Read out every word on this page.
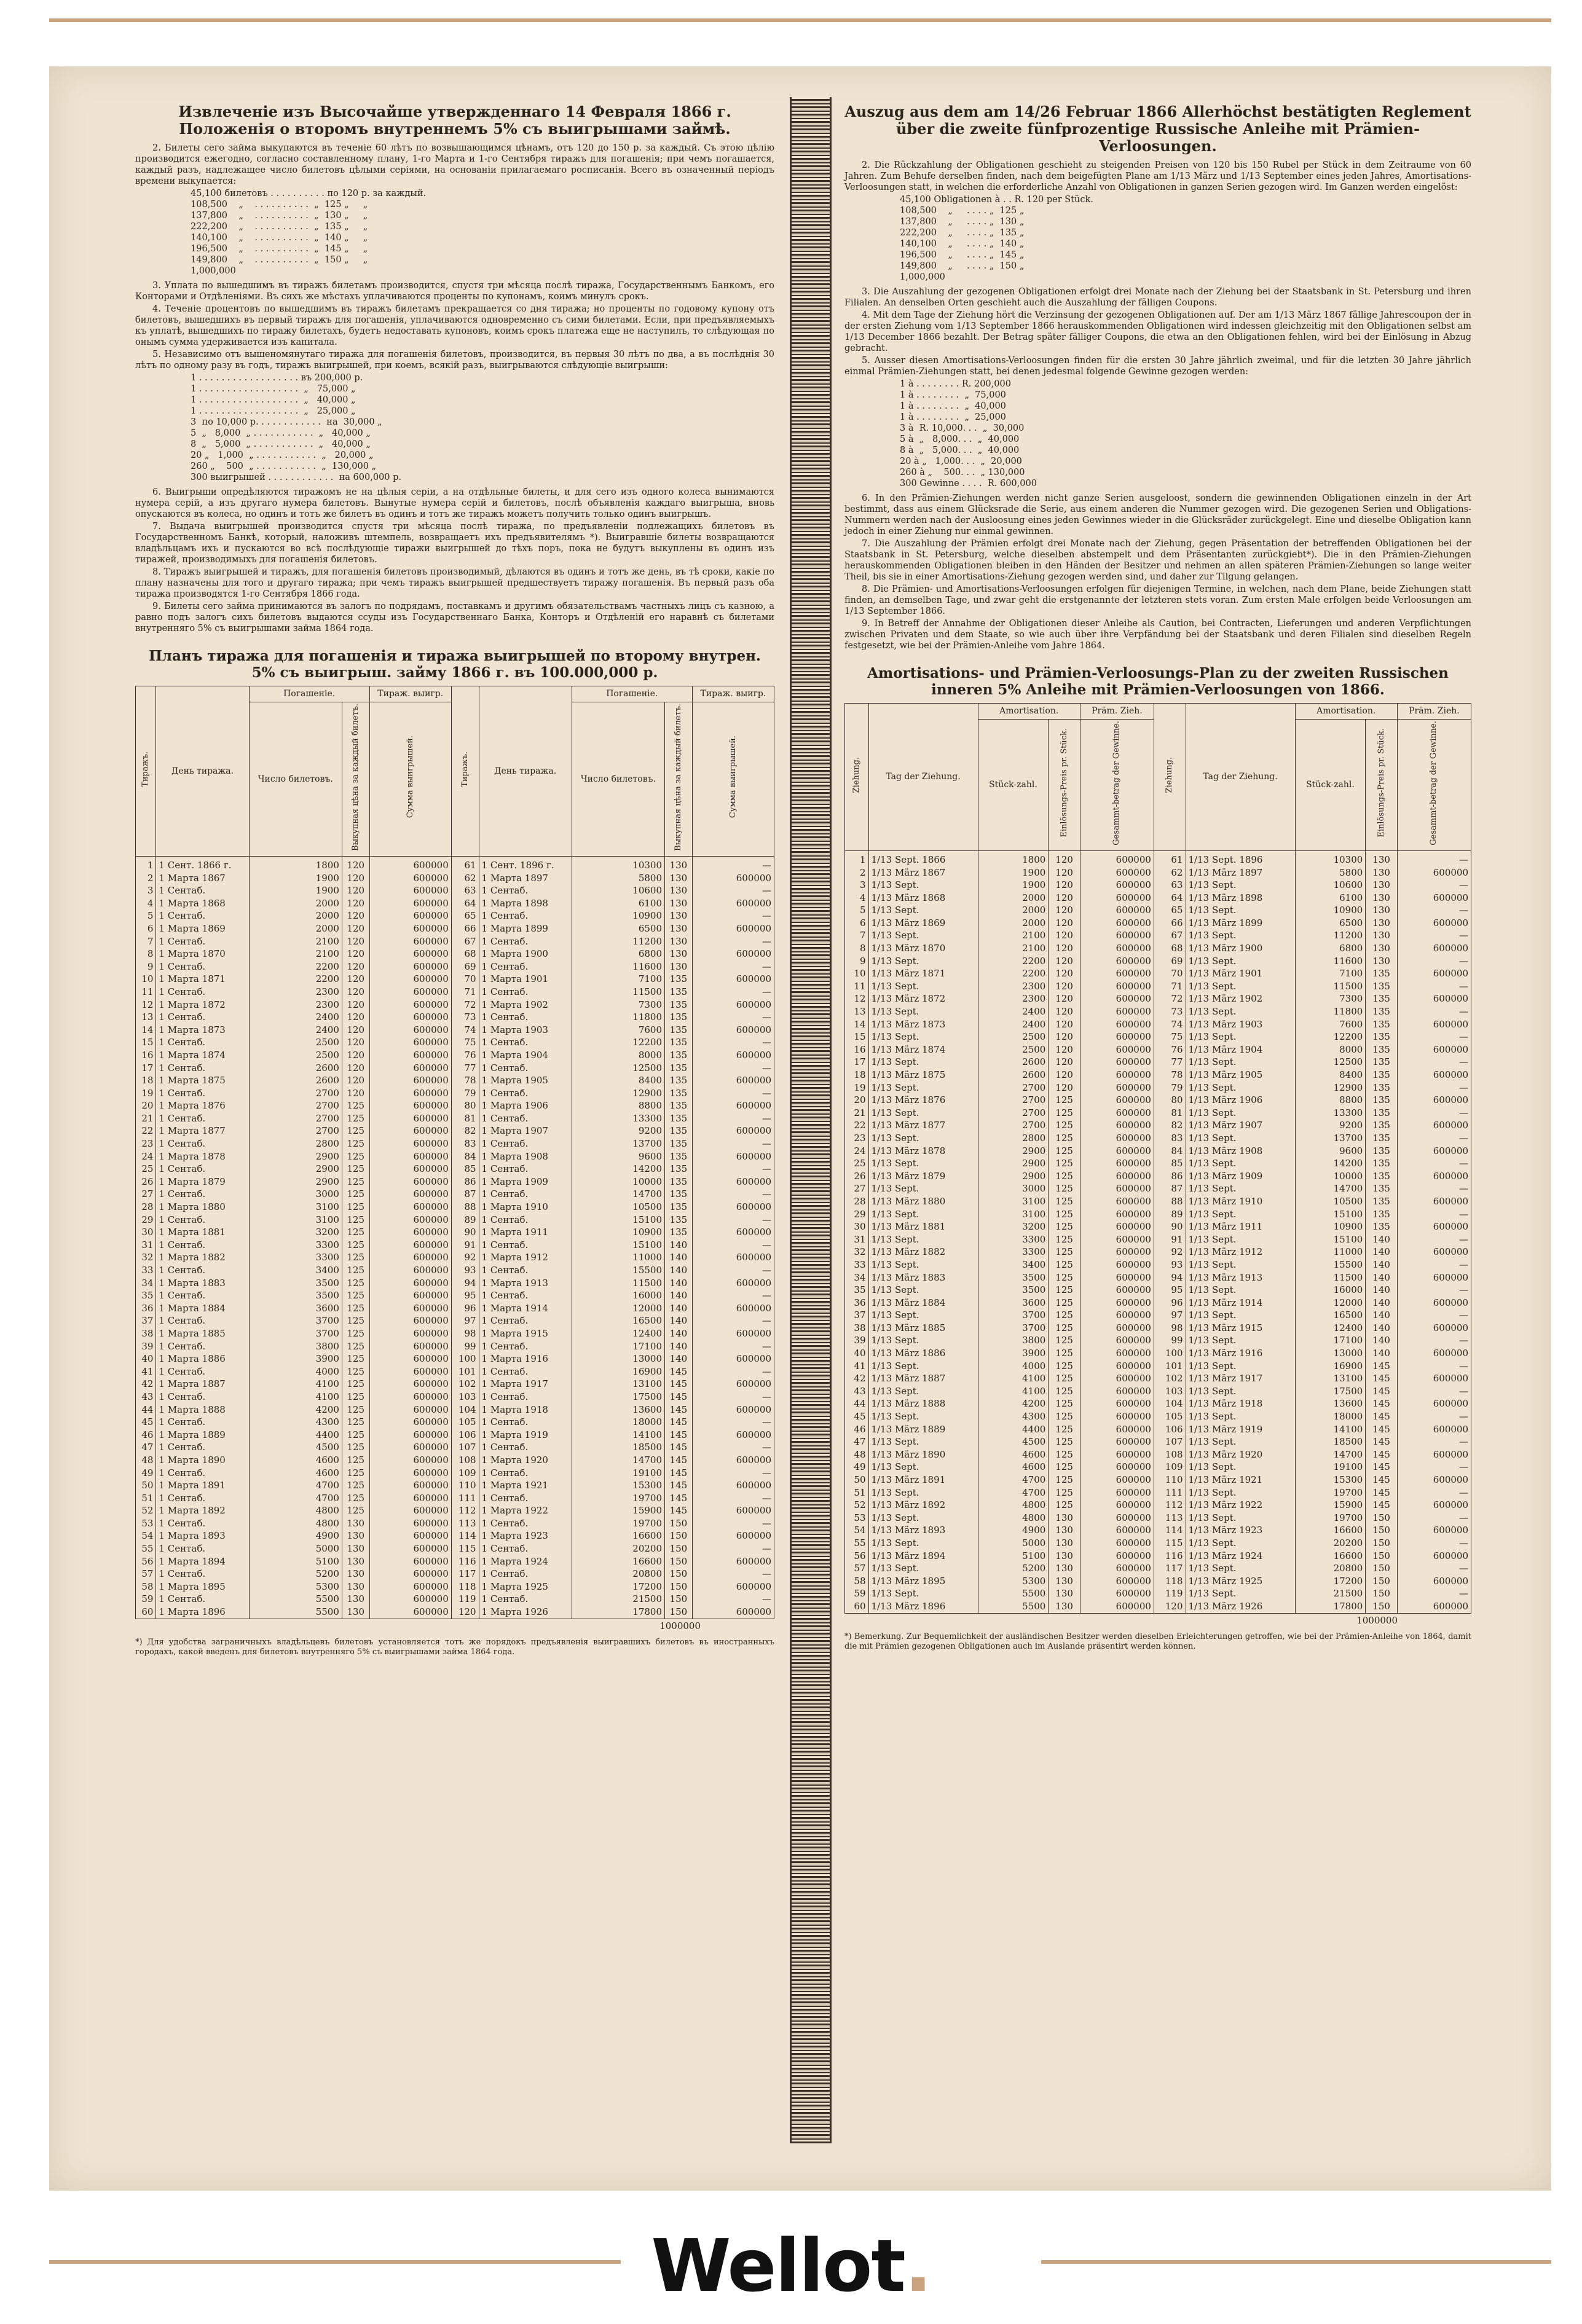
Извлеченіе изъ Высочайше утвержденнаго 14 Февраля 1866 г. Положенія о второмъ внутреннемъ 5% съ выигрышами займѣ.

2. Билеты сего займа выкупаются въ теченіе 60 лѣтъ по возвышающимся цѣнамъ, отъ 120 до 150 р. за каждый. Съ этою цѣлію производится ежегодно, согласно составленному плану, 1-го Марта и 1-го Сентября тиражъ для погашенія; при чемъ погашается, каждый разъ, надлежащее число билетовъ цѣлыми серіями, на основаніи прилагаемаго росписанія. Всего въ означенный періодъ времени выкупается:

45,100 билетовъ . . . . . . . . . . по 120 р. за каждый.
108,500    „    . . . . . . . . . .  „  125 „     „
137,800    „    . . . . . . . . . .  „  130 „     „
222,200    „    . . . . . . . . . .  „  135 „     „
140,100    „    . . . . . . . . . .  „  140 „     „
196,500    „    . . . . . . . . . .  „  145 „     „
149,800    „    . . . . . . . . . .  „  150 „     „
1,000,000

3. Уплата по вышедшимъ въ тиражъ билетамъ производится, спустя три мѣсяца послѣ тиража, Государственнымъ Банкомъ, его Конторами и Отдѣленіями. Въ сихъ же мѣстахъ уплачиваются проценты по купонамъ, коимъ минулъ срокъ.

4. Теченіе процентовъ по вышедшимъ въ тиражъ билетамъ прекращается со дня тиража; но проценты по годовому купону отъ билетовъ, вышедшихъ въ первый тиражъ для погашенія, уплачиваются одновременно съ сими билетами. Если, при предъявляемыхъ къ уплатѣ, вышедшихъ по тиражу билетахъ, будетъ недоставать купоновъ, коимъ срокъ платежа еще не наступилъ, то слѣдующая по онымъ сумма удерживается изъ капитала.

5. Независимо отъ вышеномянутаго тиража для погашенія билетовъ, производится, въ первыя 30 лѣтъ по два, а въ послѣднія 30 лѣтъ по одному разу въ годъ, тиражъ выигрышей, при коемъ, всякій разъ, выигрываются слѣдующіе выигрыши:

1 . . . . . . . . . . . . . . . . . . въ 200,000 р.
1 . . . . . . . . . . . . . . . . . .  „   75,000 „
1 . . . . . . . . . . . . . . . . . .  „   40,000 „
1 . . . . . . . . . . . . . . . . . .  „   25,000 „
3  по 10,000 р. . . . . . . . . . . .  на  30,000 „
5  „   8,000  „ . . . . . . . . . . .  „   40,000 „
8  „   5,000  „ . . . . . . . . . . .  „   40,000 „
20 „   1,000  „ . . . . . . . . . . .  „   20,000 „
260 „    500  „ . . . . . . . . . . .  „  130,000 „
300 выигрышей . . . . . . . . . . . .  на 600,000 р.

6. Выигрыши опредѣляются тиражомъ не на цѣлыя серіи, а на отдѣльные билеты, и для сего изъ одного колеса вынимаются нумера серій, а изъ другаго нумера билетовъ. Вынутые нумера серій и билетовъ, послѣ объявленія каждаго выигрыша, вновь опускаются въ колеса, но одинъ и тотъ же билетъ въ одинъ и тотъ же тиражъ можетъ получить только одинъ выигрышъ.

7. Выдача выигрышей производится спустя три мѣсяца послѣ тиража, по предъявленіи подлежащихъ билетовъ въ Государственномъ Банкѣ, который, наложивъ штемпель, возвращаетъ ихъ предъявителямъ *). Выигравшіе билеты возвращаются владѣльцамъ ихъ и пускаются во всѣ послѣдующіе тиражи выигрышей до тѣхъ поръ, пока не будутъ выкуплены въ одинъ изъ тиражей, производимыхъ для погашенія билетовъ.

8. Тиражъ выигрышей и тиражъ, для погашенія билетовъ производимый, дѣлаются въ одинъ и тотъ же день, въ тѣ сроки, какіе по плану назначены для того и другаго тиража; при чемъ тиражъ выигрышей предшествуетъ тиражу погашенія. Въ первый разъ оба тиража производятся 1-го Сентября 1866 года.

9. Билеты сего займа принимаются въ залогъ по подрядамъ, поставкамъ и другимъ обязательствамъ частныхъ лицъ съ казною, а равно подъ залогъ сихъ билетовъ выдаются ссуды изъ Государственнаго Банка, Конторъ и Отдѣленій его наравнѣ съ билетами внутренняго 5% съ выигрышами займа 1864 года.

Планъ тиража для погашенія и тиража выигрышей по второму внутрен. 5% съ выигрыш. займу 1866 г. въ 100.000,000 р.
Тиражъ.	День тиража.	Погашеніе.		Тираж. выигр.	Тиражъ.	День тиража.	Погашеніе.		Тираж. выигр.
		Число билетовъ.	Выкупная цѣна за каждый билетъ.	Сумма выигрышей.			Число билетовъ.	Выкупная цѣна за каждый билетъ.	Сумма выигрышей.
1	1 Сент. 1866 г.	1800	120	600000	61	1 Сент. 1896 г.	10300	130	—
2	1 Марта 1867	1900	120	600000	62	1 Марта 1897	5800	130	600000
3	1 Сентаб.	1900	120	600000	63	1 Сентаб.	10600	130	—
4	1 Марта 1868	2000	120	600000	64	1 Марта 1898	6100	130	600000
5	1 Сентаб.	2000	120	600000	65	1 Сентаб.	10900	130	—
6	1 Марта 1869	2000	120	600000	66	1 Марта 1899	6500	130	600000
7	1 Сентаб.	2100	120	600000	67	1 Сентаб.	11200	130	—
8	1 Марта 1870	2100	120	600000	68	1 Марта 1900	6800	130	600000
9	1 Сентаб.	2200	120	600000	69	1 Сентаб.	11600	130	—
10	1 Марта 1871	2200	120	600000	70	1 Марта 1901	7100	135	600000
11	1 Сентаб.	2300	120	600000	71	1 Сентаб.	11500	135	—
12	1 Марта 1872	2300	120	600000	72	1 Марта 1902	7300	135	600000
13	1 Сентаб.	2400	120	600000	73	1 Сентаб.	11800	135	—
14	1 Марта 1873	2400	120	600000	74	1 Марта 1903	7600	135	600000
15	1 Сентаб.	2500	120	600000	75	1 Сентаб.	12200	135	—
16	1 Марта 1874	2500	120	600000	76	1 Марта 1904	8000	135	600000
17	1 Сентаб.	2600	120	600000	77	1 Сентаб.	12500	135	—
18	1 Марта 1875	2600	120	600000	78	1 Марта 1905	8400	135	600000
19	1 Сентаб.	2700	120	600000	79	1 Сентаб.	12900	135	—
20	1 Марта 1876	2700	125	600000	80	1 Марта 1906	8800	135	600000
21	1 Сентаб.	2700	125	600000	81	1 Сентаб.	13300	135	—
22	1 Марта 1877	2700	125	600000	82	1 Марта 1907	9200	135	600000
23	1 Сентаб.	2800	125	600000	83	1 Сентаб.	13700	135	—
24	1 Марта 1878	2900	125	600000	84	1 Марта 1908	9600	135	600000
25	1 Сентаб.	2900	125	600000	85	1 Сентаб.	14200	135	—
26	1 Марта 1879	2900	125	600000	86	1 Марта 1909	10000	135	600000
27	1 Сентаб.	3000	125	600000	87	1 Сентаб.	14700	135	—
28	1 Марта 1880	3100	125	600000	88	1 Марта 1910	10500	135	600000
29	1 Сентаб.	3100	125	600000	89	1 Сентаб.	15100	135	—
30	1 Марта 1881	3200	125	600000	90	1 Марта 1911	10900	135	600000
31	1 Сентаб.	3300	125	600000	91	1 Сентаб.	15100	140	—
32	1 Марта 1882	3300	125	600000	92	1 Марта 1912	11000	140	600000
33	1 Сентаб.	3400	125	600000	93	1 Сентаб.	15500	140	—
34	1 Марта 1883	3500	125	600000	94	1 Марта 1913	11500	140	600000
35	1 Сентаб.	3500	125	600000	95	1 Сентаб.	16000	140	—
36	1 Марта 1884	3600	125	600000	96	1 Марта 1914	12000	140	600000
37	1 Сентаб.	3700	125	600000	97	1 Сентаб.	16500	140	—
38	1 Марта 1885	3700	125	600000	98	1 Марта 1915	12400	140	600000
39	1 Сентаб.	3800	125	600000	99	1 Сентаб.	17100	140	—
40	1 Марта 1886	3900	125	600000	100	1 Марта 1916	13000	140	600000
41	1 Сентаб.	4000	125	600000	101	1 Сентаб.	16900	145	—
42	1 Марта 1887	4100	125	600000	102	1 Марта 1917	13100	145	600000
43	1 Сентаб.	4100	125	600000	103	1 Сентаб.	17500	145	—
44	1 Марта 1888	4200	125	600000	104	1 Марта 1918	13600	145	600000
45	1 Сентаб.	4300	125	600000	105	1 Сентаб.	18000	145	—
46	1 Марта 1889	4400	125	600000	106	1 Марта 1919	14100	145	600000
47	1 Сентаб.	4500	125	600000	107	1 Сентаб.	18500	145	—
48	1 Марта 1890	4600	125	600000	108	1 Марта 1920	14700	145	600000
49	1 Сентаб.	4600	125	600000	109	1 Сентаб.	19100	145	—
50	1 Марта 1891	4700	125	600000	110	1 Марта 1921	15300	145	600000
51	1 Сентаб.	4700	125	600000	111	1 Сентаб.	19700	145	—
52	1 Марта 1892	4800	125	600000	112	1 Марта 1922	15900	145	600000
53	1 Сентаб.	4800	130	600000	113	1 Сентаб.	19700	150	—
54	1 Марта 1893	4900	130	600000	114	1 Марта 1923	16600	150	600000
55	1 Сентаб.	5000	130	600000	115	1 Сентаб.	20200	150	—
56	1 Марта 1894	5100	130	600000	116	1 Марта 1924	16600	150	600000
57	1 Сентаб.	5200	130	600000	117	1 Сентаб.	20800	150	—
58	1 Марта 1895	5300	130	600000	118	1 Марта 1925	17200	150	600000
59	1 Сентаб.	5500	130	600000	119	1 Сентаб.	21500	150	—
60	1 Марта 1896	5500	130	600000	120	1 Марта 1926	17800	150	600000
1000000
*) Для удобства заграничныхъ владѣльцевъ билетовъ установляется тотъ же порядокъ предъявленія выигравшихъ билетовъ въ иностранныхъ городахъ, какой введенъ для билетовъ внутренняго 5% съ выигрышами займа 1864 года.
Auszug aus dem am 14/26 Februar 1866 Allerhöchst bestätigten Reglement über die zweite fünfprozentige Russische Anleihe mit Prämien-Verloosungen.

2. Die Rückzahlung der Obligationen geschieht zu steigenden Preisen von 120 bis 150 Rubel per Stück in dem Zeitraume von 60 Jahren. Zum Behufe derselben finden, nach dem beigefügten Plane am 1/13 März und 1/13 September eines jeden Jahres, Amortisations-Verloosungen statt, in welchen die erforderliche Anzahl von Obligationen in ganzen Serien gezogen wird. Im Ganzen werden eingelöst:

45,100 Obligationen à . . R. 120 per Stück.
108,500    „     . . . . „  125 „
137,800    „     . . . . „  130 „
222,200    „     . . . . „  135 „
140,100    „     . . . . „  140 „
196,500    „     . . . . „  145 „
149,800    „     . . . . „  150 „
1,000,000

3. Die Auszahlung der gezogenen Obligationen erfolgt drei Monate nach der Ziehung bei der Staatsbank in St. Petersburg und ihren Filialen. An denselben Orten geschieht auch die Auszahlung der fälligen Coupons.

4. Mit dem Tage der Ziehung hört die Verzinsung der gezogenen Obligationen auf. Der am 1/13 März 1867 fällige Jahrescoupon der in der ersten Ziehung vom 1/13 September 1866 herauskommenden Obligationen wird indessen gleichzeitig mit den Obligationen selbst am 1/13 December 1866 bezahlt. Der Betrag später fälliger Coupons, die etwa an den Obligationen fehlen, wird bei der Einlösung in Abzug gebracht.

5. Ausser diesen Amortisations-Verloosungen finden für die ersten 30 Jahre jährlich zweimal, und für die letzten 30 Jahre jährlich einmal Prämien-Ziehungen statt, bei denen jedesmal folgende Gewinne gezogen werden:

1 à . . . . . . . . R. 200,000
1 à . . . . . . . .  „  75,000
1 à . . . . . . . .  „  40,000
1 à . . . . . . . .  „  25,000
3 à  R. 10,000. . .  „  30,000
5 à  „   8,000. . .  „  40,000
8 à  „   5,000. . .  „  40,000
20 à „   1,000. . .  „  20,000
260 à „    500. . .  „ 130,000
300 Gewinne . . . .  R. 600,000

6. In den Prämien-Ziehungen werden nicht ganze Serien ausgeloost, sondern die gewinnenden Obligationen einzeln in der Art bestimmt, dass aus einem Glücksrade die Serie, aus einem anderen die Nummer gezogen wird. Die gezogenen Serien und Obligations-Nummern werden nach der Ausloosung eines jeden Gewinnes wieder in die Glücksräder zurückgelegt. Eine und dieselbe Obligation kann jedoch in einer Ziehung nur einmal gewinnen.

7. Die Auszahlung der Prämien erfolgt drei Monate nach der Ziehung, gegen Präsentation der betreffenden Obligationen bei der Staatsbank in St. Petersburg, welche dieselben abstempelt und dem Präsentanten zurückgiebt*). Die in den Prämien-Ziehungen herauskommenden Obligationen bleiben in den Händen der Besitzer und nehmen an allen späteren Prämien-Ziehungen so lange weiter Theil, bis sie in einer Amortisations-Ziehung gezogen werden sind, und daher zur Tilgung gelangen.

8. Die Prämien- und Amortisations-Verloosungen erfolgen für diejenigen Termine, in welchen, nach dem Plane, beide Ziehungen statt finden, an demselben Tage, und zwar geht die erstgenannte der letzteren stets voran. Zum ersten Male erfolgen beide Verloosungen am 1/13 September 1866.

9. In Betreff der Annahme der Obligationen dieser Anleihe als Caution, bei Contracten, Lieferungen und anderen Verpflichtungen zwischen Privaten und dem Staate, so wie auch über ihre Verpfändung bei der Staatsbank und deren Filialen sind dieselben Regeln festgesetzt, wie bei der Prämien-Anleihe vom Jahre 1864.

Amortisations- und Prämien-Verloosungs-Plan zu der zweiten Russischen inneren 5% Anleihe mit Prämien-Verloosungen von 1866.
Ziehung.	Tag der Ziehung.	Amortisation.		Präm. Zieh.	Ziehung.	Tag der Ziehung.	Amortisation.		Präm. Zieh.
		Stück-zahl.	Einlösungs-Preis pr. Stück.	Gesammt-betrag der Gewinne.			Stück-zahl.	Einlösungs-Preis pr. Stück.	Gesammt-betrag der Gewinne.
1	1/13 Sept. 1866	1800	120	600000	61	1/13 Sept. 1896	10300	130	—
2	1/13 März 1867	1900	120	600000	62	1/13 März 1897	5800	130	600000
3	1/13 Sept.	1900	120	600000	63	1/13 Sept.	10600	130	—
4	1/13 März 1868	2000	120	600000	64	1/13 März 1898	6100	130	600000
5	1/13 Sept.	2000	120	600000	65	1/13 Sept.	10900	130	—
6	1/13 März 1869	2000	120	600000	66	1/13 März 1899	6500	130	600000
7	1/13 Sept.	2100	120	600000	67	1/13 Sept.	11200	130	—
8	1/13 März 1870	2100	120	600000	68	1/13 März 1900	6800	130	600000
9	1/13 Sept.	2200	120	600000	69	1/13 Sept.	11600	130	—
10	1/13 März 1871	2200	120	600000	70	1/13 März 1901	7100	135	600000
11	1/13 Sept.	2300	120	600000	71	1/13 Sept.	11500	135	—
12	1/13 März 1872	2300	120	600000	72	1/13 März 1902	7300	135	600000
13	1/13 Sept.	2400	120	600000	73	1/13 Sept.	11800	135	—
14	1/13 März 1873	2400	120	600000	74	1/13 März 1903	7600	135	600000
15	1/13 Sept.	2500	120	600000	75	1/13 Sept.	12200	135	—
16	1/13 März 1874	2500	120	600000	76	1/13 März 1904	8000	135	600000
17	1/13 Sept.	2600	120	600000	77	1/13 Sept.	12500	135	—
18	1/13 März 1875	2600	120	600000	78	1/13 März 1905	8400	135	600000
19	1/13 Sept.	2700	120	600000	79	1/13 Sept.	12900	135	—
20	1/13 März 1876	2700	125	600000	80	1/13 März 1906	8800	135	600000
21	1/13 Sept.	2700	125	600000	81	1/13 Sept.	13300	135	—
22	1/13 März 1877	2700	125	600000	82	1/13 März 1907	9200	135	600000
23	1/13 Sept.	2800	125	600000	83	1/13 Sept.	13700	135	—
24	1/13 März 1878	2900	125	600000	84	1/13 März 1908	9600	135	600000
25	1/13 Sept.	2900	125	600000	85	1/13 Sept.	14200	135	—
26	1/13 März 1879	2900	125	600000	86	1/13 März 1909	10000	135	600000
27	1/13 Sept.	3000	125	600000	87	1/13 Sept.	14700	135	—
28	1/13 März 1880	3100	125	600000	88	1/13 März 1910	10500	135	600000
29	1/13 Sept.	3100	125	600000	89	1/13 Sept.	15100	135	—
30	1/13 März 1881	3200	125	600000	90	1/13 März 1911	10900	135	600000
31	1/13 Sept.	3300	125	600000	91	1/13 Sept.	15100	140	—
32	1/13 März 1882	3300	125	600000	92	1/13 März 1912	11000	140	600000
33	1/13 Sept.	3400	125	600000	93	1/13 Sept.	15500	140	—
34	1/13 März 1883	3500	125	600000	94	1/13 März 1913	11500	140	600000
35	1/13 Sept.	3500	125	600000	95	1/13 Sept.	16000	140	—
36	1/13 März 1884	3600	125	600000	96	1/13 März 1914	12000	140	600000
37	1/13 Sept.	3700	125	600000	97	1/13 Sept.	16500	140	—
38	1/13 März 1885	3700	125	600000	98	1/13 März 1915	12400	140	600000
39	1/13 Sept.	3800	125	600000	99	1/13 Sept.	17100	140	—
40	1/13 März 1886	3900	125	600000	100	1/13 März 1916	13000	140	600000
41	1/13 Sept.	4000	125	600000	101	1/13 Sept.	16900	145	—
42	1/13 März 1887	4100	125	600000	102	1/13 März 1917	13100	145	600000
43	1/13 Sept.	4100	125	600000	103	1/13 Sept.	17500	145	—
44	1/13 März 1888	4200	125	600000	104	1/13 März 1918	13600	145	600000
45	1/13 Sept.	4300	125	600000	105	1/13 Sept.	18000	145	—
46	1/13 März 1889	4400	125	600000	106	1/13 März 1919	14100	145	600000
47	1/13 Sept.	4500	125	600000	107	1/13 Sept.	18500	145	—
48	1/13 März 1890	4600	125	600000	108	1/13 März 1920	14700	145	600000
49	1/13 Sept.	4600	125	600000	109	1/13 Sept.	19100	145	—
50	1/13 März 1891	4700	125	600000	110	1/13 März 1921	15300	145	600000
51	1/13 Sept.	4700	125	600000	111	1/13 Sept.	19700	145	—
52	1/13 März 1892	4800	125	600000	112	1/13 März 1922	15900	145	600000
53	1/13 Sept.	4800	130	600000	113	1/13 Sept.	19700	150	—
54	1/13 März 1893	4900	130	600000	114	1/13 März 1923	16600	150	600000
55	1/13 Sept.	5000	130	600000	115	1/13 Sept.	20200	150	—
56	1/13 März 1894	5100	130	600000	116	1/13 März 1924	16600	150	600000
57	1/13 Sept.	5200	130	600000	117	1/13 Sept.	20800	150	—
58	1/13 März 1895	5300	130	600000	118	1/13 März 1925	17200	150	600000
59	1/13 Sept.	5500	130	600000	119	1/13 Sept.	21500	150	—
60	1/13 März 1896	5500	130	600000	120	1/13 März 1926	17800	150	600000
1000000
*) Bemerkung. Zur Bequemlichkeit der ausländischen Besitzer werden dieselben Erleichterungen getroffen, wie bei der Prämien-Anleihe von 1864, damit die mit Prämien gezogenen Obligationen auch im Auslande präsentirt werden können.
Wellot.
